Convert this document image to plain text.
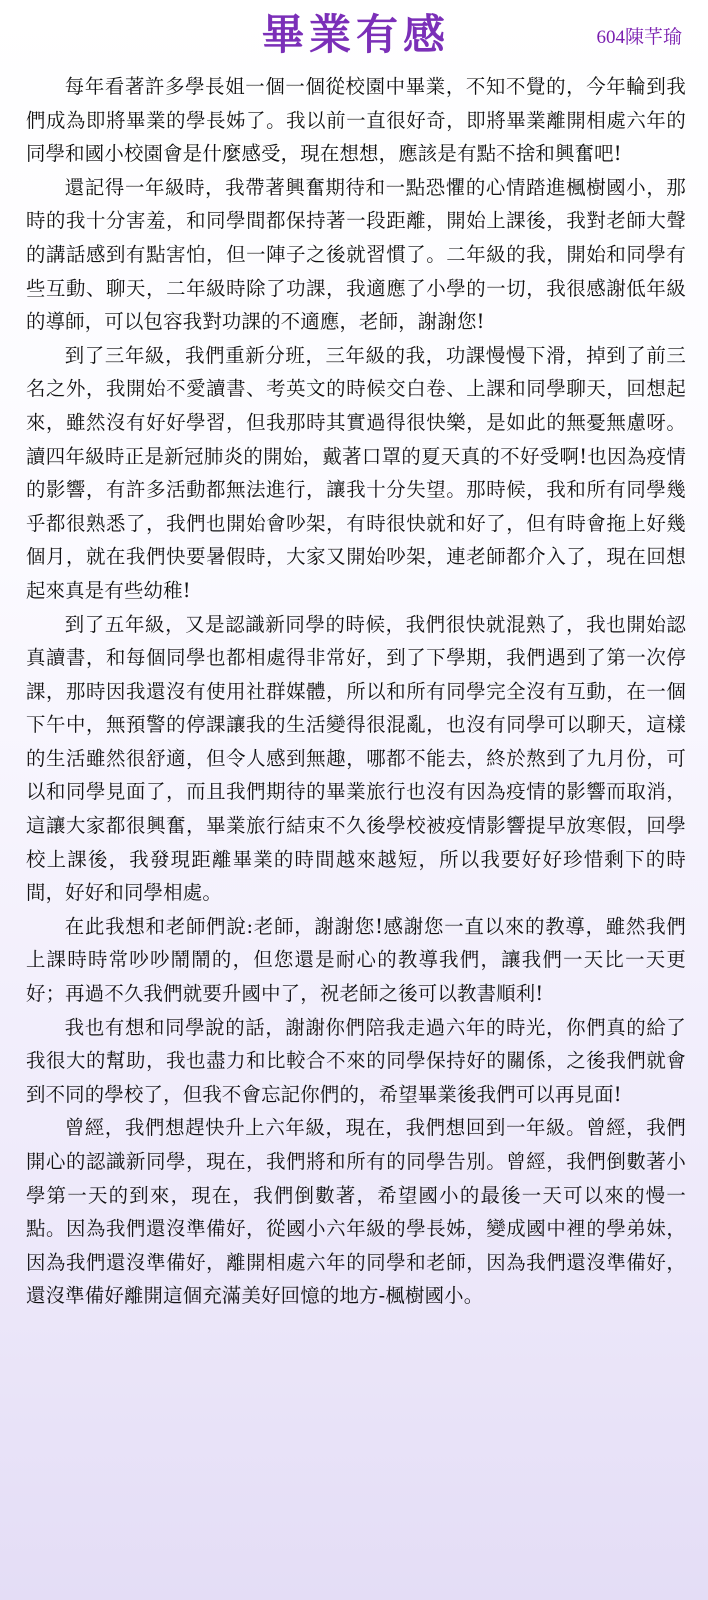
畢業有感	604陳芊瑜

每年看著許多學長姐一個一個從校園中畢業，不知不覺的，今年輪到我們成為即將畢業的學長姊了。我以前一直很好奇，即將畢業離開相處六年的同學和國小校園會是什麼感受，現在想想，應該是有點不捨和興奮吧!

還記得一年級時，我帶著興奮期待和一點恐懼的心情踏進楓樹國小，那時的我十分害羞，和同學間都保持著一段距離，開始上課後，我對老師大聲的講話感到有點害怕，但一陣子之後就習慣了。二年級的我，開始和同學有些互動、聊天，二年級時除了功課，我適應了小學的一切，我很感謝低年級的導師，可以包容我對功課的不適應，老師，謝謝您!

到了三年級，我們重新分班，三年級的我，功課慢慢下滑，掉到了前三名之外，我開始不愛讀書、考英文的時候交白卷、上課和同學聊天，回想起來，雖然沒有好好學習，但我那時其實過得很快樂，是如此的無憂無慮呀。讀四年級時正是新冠肺炎的開始，戴著口罩的夏天真的不好受啊!也因為疫情的影響，有許多活動都無法進行，讓我十分失望。那時候，我和所有同學幾乎都很熟悉了，我們也開始會吵架，有時很快就和好了，但有時會拖上好幾個月，就在我們快要暑假時，大家又開始吵架，連老師都介入了，現在回想起來真是有些幼稚!

到了五年級，又是認識新同學的時候，我們很快就混熟了，我也開始認真讀書，和每個同學也都相處得非常好，到了下學期，我們遇到了第一次停課，那時因我還沒有使用社群媒體，所以和所有同學完全沒有互動，在一個下午中，無預警的停課讓我的生活變得很混亂，也沒有同學可以聊天，這樣的生活雖然很舒適，但令人感到無趣，哪都不能去，終於熬到了九月份，可以和同學見面了，而且我們期待的畢業旅行也沒有因為疫情的影響而取消，這讓大家都很興奮，畢業旅行結束不久後學校被疫情影響提早放寒假，回學校上課後，我發現距離畢業的時間越來越短，所以我要好好珍惜剩下的時間，好好和同學相處。

在此我想和老師們說:老師，謝謝您!感謝您一直以來的教導，雖然我們上課時時常吵吵鬧鬧的，但您還是耐心的教導我們，讓我們一天比一天更好；再過不久我們就要升國中了，祝老師之後可以教書順利!

我也有想和同學說的話，謝謝你們陪我走過六年的時光，你們真的給了我很大的幫助，我也盡力和比較合不來的同學保持好的關係，之後我們就會到不同的學校了，但我不會忘記你們的，希望畢業後我們可以再見面!

曾經，我們想趕快升上六年級，現在，我們想回到一年級。曾經，我們開心的認識新同學，現在，我們將和所有的同學告別。曾經，我們倒數著小學第一天的到來，現在，我們倒數著，希望國小的最後一天可以來的慢一點。因為我們還沒準備好，從國小六年級的學長姊，變成國中裡的學弟妹，因為我們還沒準備好，離開相處六年的同學和老師，因為我們還沒準備好，還沒準備好離開這個充滿美好回憶的地方-楓樹國小。
